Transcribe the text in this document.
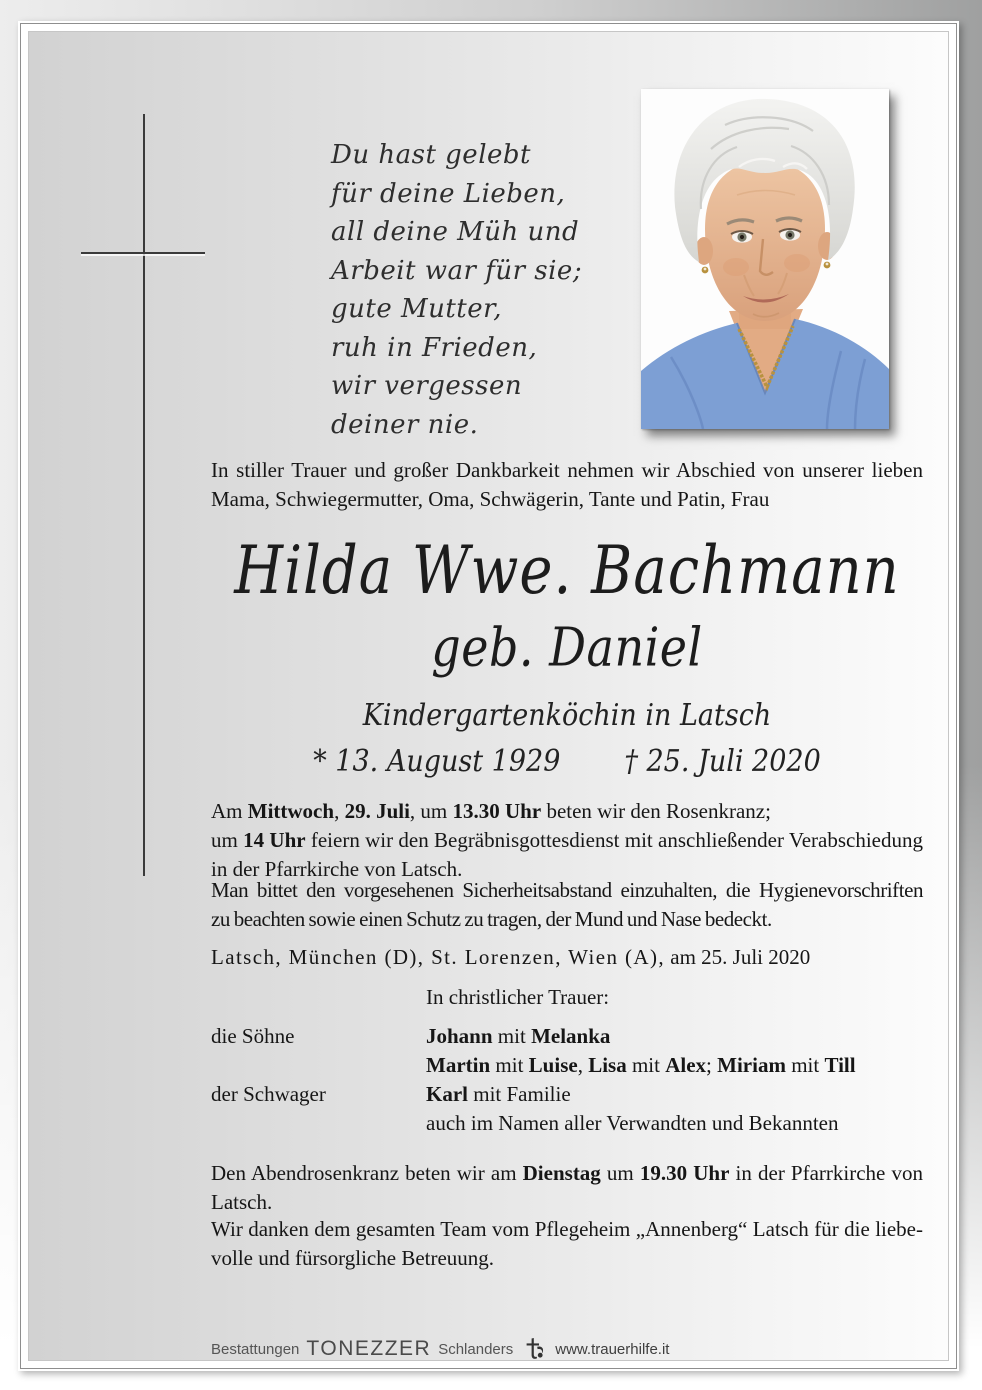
Du hast gelebt
für deine Lieben,
all deine Müh und
Arbeit war für sie;
gute Mutter,
ruh in Frieden,
wir vergessen
deiner nie.
In stiller Trauer und großer Dankbarkeit nehmen wir Abschied von unserer lieben
Mama, Schwiegermutter, Oma, Schwägerin, Tante und Patin, Frau
Hilda Wwe. Bachmann
geb. Daniel
Kindergartenköchin in Latsch
* 13. August 1929 † 25. Juli 2020
Am Mittwoch, 29. Juli, um 13.30 Uhr beten wir den Rosenkranz;
um 14 Uhr feiern wir den Begräbnisgottesdienst mit anschließender Verabschiedung
in der Pfarrkirche von Latsch.
Man bittet den vorgesehenen Sicherheitsabstand einzuhalten, die Hygienevorschriften
zu beachten sowie einen Schutz zu tragen, der Mund und Nase bedeckt.
Latsch, München (D), St. Lorenzen, Wien (A), am 25. Juli 2020
In christlicher Trauer:
die Söhne	Johann mit Melanka
Martin mit Luise, Lisa mit Alex; Miriam mit Till
der Schwager	Karl mit Familie
auch im Namen aller Verwandten und Bekannten
Den Abendrosenkranz beten wir am Dienstag um 19.30 Uhr in der Pfarrkirche von
Latsch.
Wir danken dem gesamten Team vom Pflegeheim „Annenberg“ Latsch für die liebe-
volle und fürsorgliche Betreuung.
Bestattungen TONEZZER Schlanders	www.trauerhilfe.it
